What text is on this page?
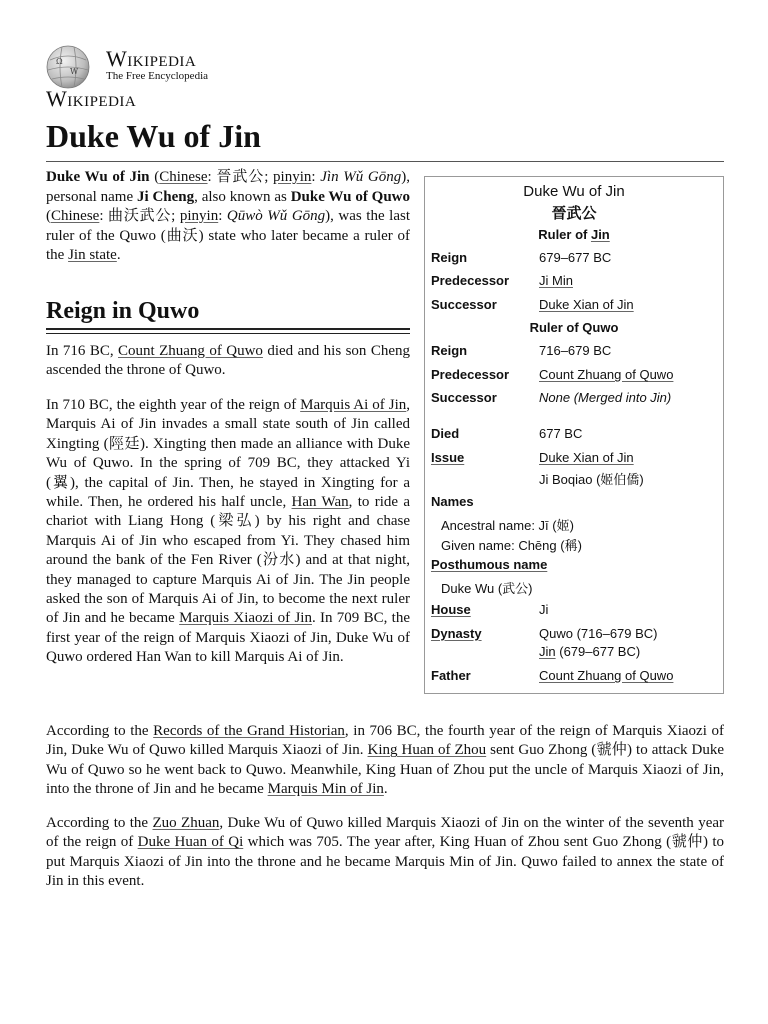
Ω
W
Wikipedia
The Free Encyclopedia
Wikipedia
Duke Wu of Jin

Duke Wu of Jin (Chinese: 晉武公; pinyin: Jìn Wǔ Gōng), personal name Ji Cheng, also known as Duke Wu of Quwo (Chinese: 曲沃武公; pinyin: Qūwò Wǔ Gōng), was the last ruler of the Quwo (曲沃) state who later became a ruler of the Jin state.

Reign in Quwo

In 716 BC, Count Zhuang of Quwo died and his son Cheng ascended the throne of Quwo.

In 710 BC, the eighth year of the reign of Marquis Ai of Jin, Marquis Ai of Jin invades a small state south of Jin called Xingting (陘廷). Xingting then made an alliance with Duke Wu of Quwo. In the spring of 709 BC, they attacked Yi (翼), the capital of Jin. Then, he stayed in Xingting for a while. Then, he ordered his half uncle, Han Wan, to ride a chariot with Liang Hong (梁弘) by his right and chase Marquis Ai of Jin who escaped from Yi. They chased him around the bank of the Fen River (汾水) and at that night, they managed to capture Marquis Ai of Jin. The Jin people asked the son of Marquis Ai of Jin, to become the next ruler of Jin and he became Marquis Xiaozi of Jin. In 709 BC, the first year of the reign of Marquis Xiaozi of Jin, Duke Wu of Quwo ordered Han Wan to kill Marquis Ai of Jin.

According to the Records of the Grand Historian, in 706 BC, the fourth year of the reign of Marquis Xiaozi of Jin, Duke Wu of Quwo killed Marquis Xiaozi of Jin. King Huan of Zhou sent Guo Zhong (虢仲) to attack Duke Wu of Quwo so he went back to Quwo. Meanwhile, King Huan of Zhou put the uncle of Marquis Xiaozi of Jin, into the throne of Jin and he became Marquis Min of Jin.

According to the Zuo Zhuan, Duke Wu of Quwo killed Marquis Xiaozi of Jin on the winter of the seventh year of the reign of Duke Huan of Qi which was 705. The year after, King Huan of Zhou sent Guo Zhong (虢仲) to put Marquis Xiaozi of Jin into the throne and he became Marquis Min of Jin. Quwo failed to annex the state of Jin in this event.

Duke Wu of Jin
晉武公
Ruler of Jin
Reign	679–677 BC
Predecessor Ji Min
Successor	Duke Xian of Jin
Ruler of Quwo
Reign	716–679 BC
Predecessor Count Zhuang of Quwo
Successor	None (Merged into Jin)
Died	677 BC
Issue	Duke Xian of Jin
Ji Boqiao (姬伯僑)
Names
Ancestral name: Jī (姬)
Given name: Chēng (稱)
Posthumous name
Duke Wu (武公)
House	Ji
Dynasty	Quwo (716–679 BC)
Jin (679–677 BC)
Father	Count Zhuang of Quwo
